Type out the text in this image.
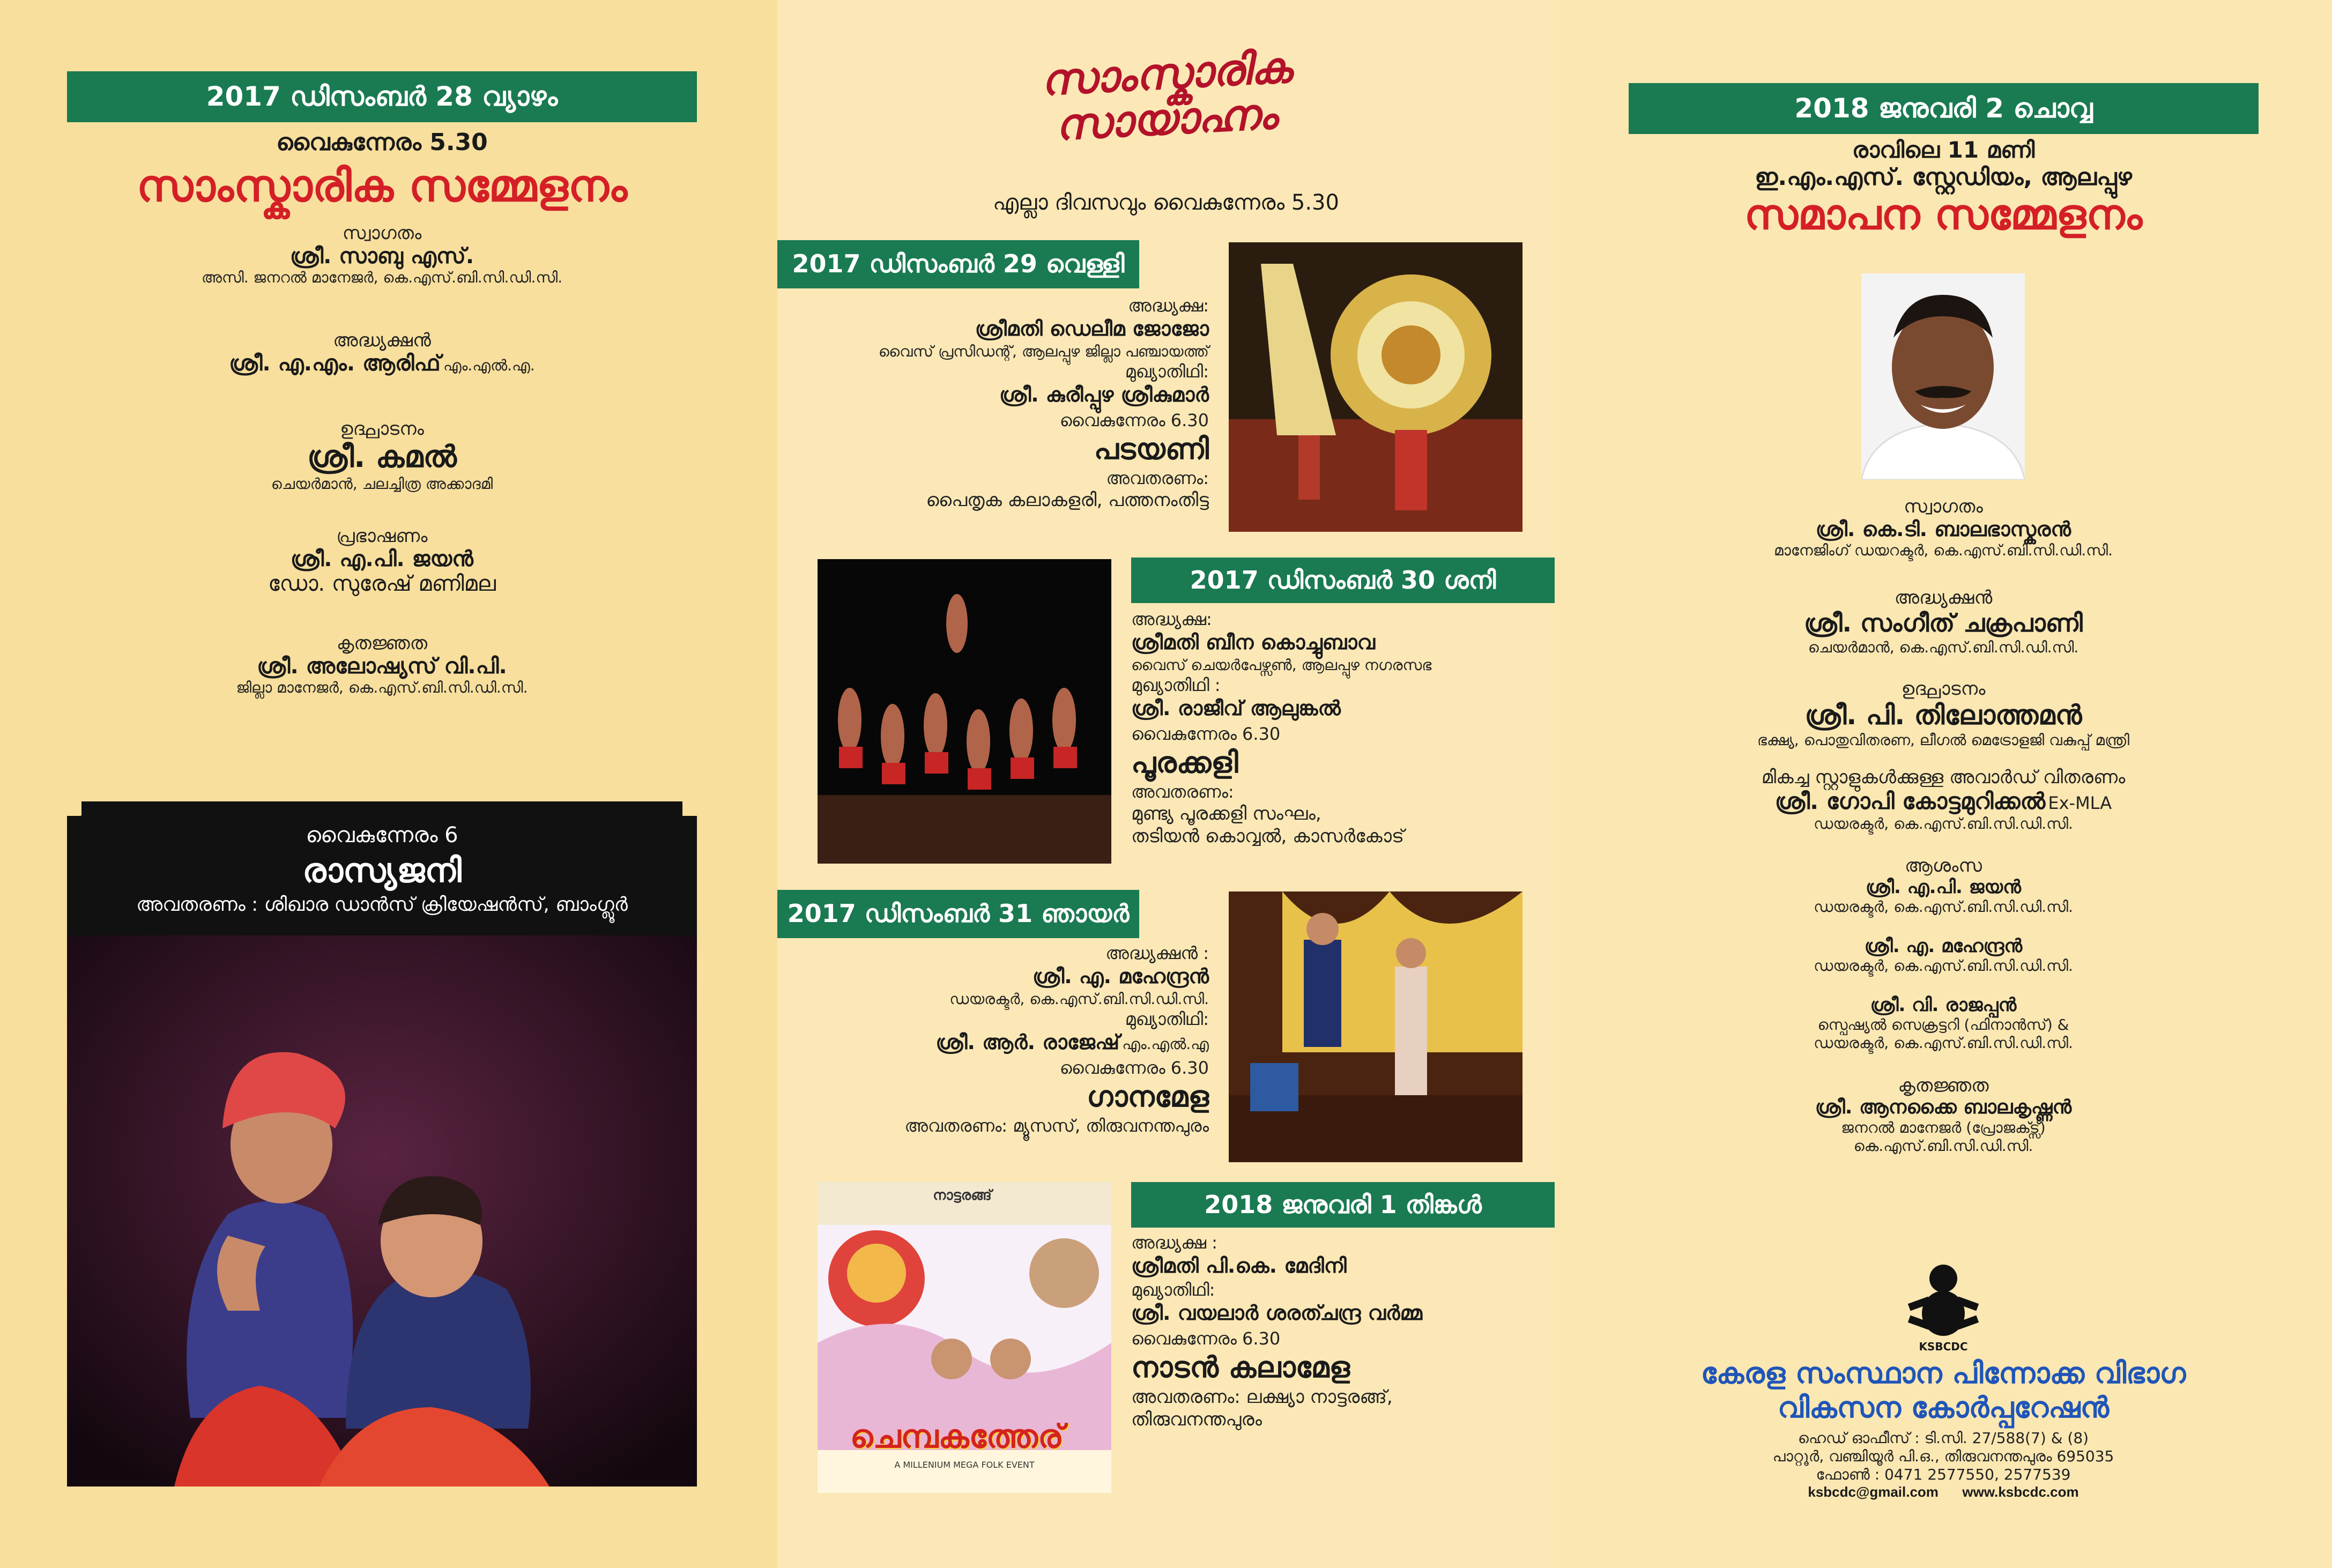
2017 ഡിസംബർ 28 വ്യാഴം
വൈകുന്നേരം 5.30
സാംസ്കാരിക സമ്മേളനം
സ്വാഗതം
ശ്രീ. സാബു എസ്.
അസി. ജനറൽ മാനേജർ, കെ.എസ്.ബി.സി.ഡി.സി.
അദ്ധ്യക്ഷൻ
ശ്രീ. എ.എം. ആരിഫ് എം.എൽ.എ.
ഉദ്ഘാടനം
ശ്രീ. കമൽ
ചെയർമാൻ, ചലച്ചിത്ര അക്കാദമി
പ്രഭാഷണം
ശ്രീ. എ.പി. ജയൻ
ഡോ. സുരേഷ് മണിമല
കൃതജ്ഞത
ശ്രീ. അലോഷ്യസ് വി.പി.
ജില്ലാ മാനേജർ, കെ.എസ്.ബി.സി.ഡി.സി.
വൈകുന്നേരം 6
രാസ്യജനി
അവതരണം : ശിഖാര ഡാൻസ് ക്രിയേഷൻസ്, ബാംഗ്ലൂർ
സാംസ്കാരിക
സായാഹ്നം
എല്ലാ ദിവസവും വൈകുന്നേരം 5.30
2017 ഡിസംബർ 29 വെള്ളി
അദ്ധ്യക്ഷ:
ശ്രീമതി ഡെലീമ ജോജോ
വൈസ് പ്രസിഡന്റ്, ആലപ്പുഴ ജില്ലാ പഞ്ചായത്ത്
മുഖ്യാതിഥി:
ശ്രീ. കുരീപ്പുഴ ശ്രീകുമാർ
വൈകുന്നേരം 6.30
പടയണി
അവതരണം:
പൈതൃക കലാകളരി, പത്തനംതിട്ട
2017 ഡിസംബർ 30 ശനി
അദ്ധ്യക്ഷ:
ശ്രീമതി ബീന കൊച്ചുബാവ
വൈസ് ചെയർപേഴ്സൺ, ആലപ്പുഴ നഗരസഭ
മുഖ്യാതിഥി :
ശ്രീ. രാജീവ് ആലുങ്കൽ
വൈകുന്നേരം 6.30
പൂരക്കളി
അവതരണം:
മുണ്ട്യ പൂരക്കളി സംഘം,
തടിയൻ കൊവ്വൽ, കാസർകോട്
2017 ഡിസംബർ 31 ഞായർ
അദ്ധ്യക്ഷൻ :
ശ്രീ. എ. മഹേന്ദ്രൻ
ഡയരക്ടർ, കെ.എസ്.ബി.സി.ഡി.സി.
മുഖ്യാതിഥി:
ശ്രീ. ആർ. രാജേഷ് എം.എൽ.എ
വൈകുന്നേരം 6.30
ഗാനമേള
അവതരണം: മ്യൂസസ്, തിരുവനന്തപുരം
നാട്ടരങ്ങ്
ചെമ്പകത്തേര്
A MILLENIUM MEGA FOLK EVENT
2018 ജനുവരി 1 തിങ്കൾ
അദ്ധ്യക്ഷ :
ശ്രീമതി പി.കെ. മേദിനി
മുഖ്യാതിഥി:
ശ്രീ. വയലാർ ശരത്ചന്ദ്ര വർമ്മ
വൈകുന്നേരം 6.30
നാടൻ കലാമേള
അവതരണം: ലക്ഷ്യാ നാട്ടരങ്ങ്,
തിരുവനന്തപുരം
2018 ജനുവരി 2 ചൊവ്വ
രാവിലെ 11 മണി
ഇ.എം.എസ്. സ്റ്റേഡിയം, ആലപ്പുഴ
സമാപന സമ്മേളനം
സ്വാഗതം
ശ്രീ. കെ.ടി. ബാലഭാസ്കരൻ
മാനേജിംഗ് ഡയറക്ടർ, കെ.എസ്.ബി.സി.ഡി.സി.
അദ്ധ്യക്ഷൻ
ശ്രീ. സംഗീത് ചക്രപാണി
ചെയർമാൻ, കെ.എസ്.ബി.സി.ഡി.സി.
ഉദ്ഘാടനം
ശ്രീ. പി. തിലോത്തമൻ
ഭക്ഷ്യ, പൊതുവിതരണ, ലീഗൽ മെട്രോളജി വകുപ്പ് മന്ത്രി
മികച്ച സ്റ്റാളുകൾക്കുള്ള അവാർഡ് വിതരണം
ശ്രീ. ഗോപി കോട്ടമുറിക്കൽ Ex-MLA
ഡയരക്ടർ, കെ.എസ്.ബി.സി.ഡി.സി.
ആശംസ
ശ്രീ. എ.പി. ജയൻ
ഡയരക്ടർ, കെ.എസ്.ബി.സി.ഡി.സി.
ശ്രീ. എ. മഹേന്ദ്രൻ
ഡയരക്ടർ, കെ.എസ്.ബി.സി.ഡി.സി.
ശ്രീ. വി. രാജപ്പൻ
സ്പെഷ്യൽ സെക്രട്ടറി (ഫിനാൻസ്) &
ഡയരക്ടർ, കെ.എസ്.ബി.സി.ഡി.സി.
കൃതജ്ഞത
ശ്രീ. ആനക്കൈ ബാലകൃഷ്ണൻ
ജനറൽ മാനേജർ (പ്രോജക്ട്സ്)
കെ.എസ്.ബി.സി.ഡി.സി.
KSBCDC
കേരള സംസ്ഥാന പിന്നോക്ക വിഭാഗ
വികസന കോർപ്പറേഷൻ
ഹെഡ് ഓഫീസ് : ടി.സി. 27/588(7) & (8)
പാറ്റൂർ, വഞ്ചിയൂർ പി.ഒ., തിരുവനന്തപുരം 695035
ഫോൺ : 0471 2577550, 2577539
ksbcdc@gmail.com www.ksbcdc.com
